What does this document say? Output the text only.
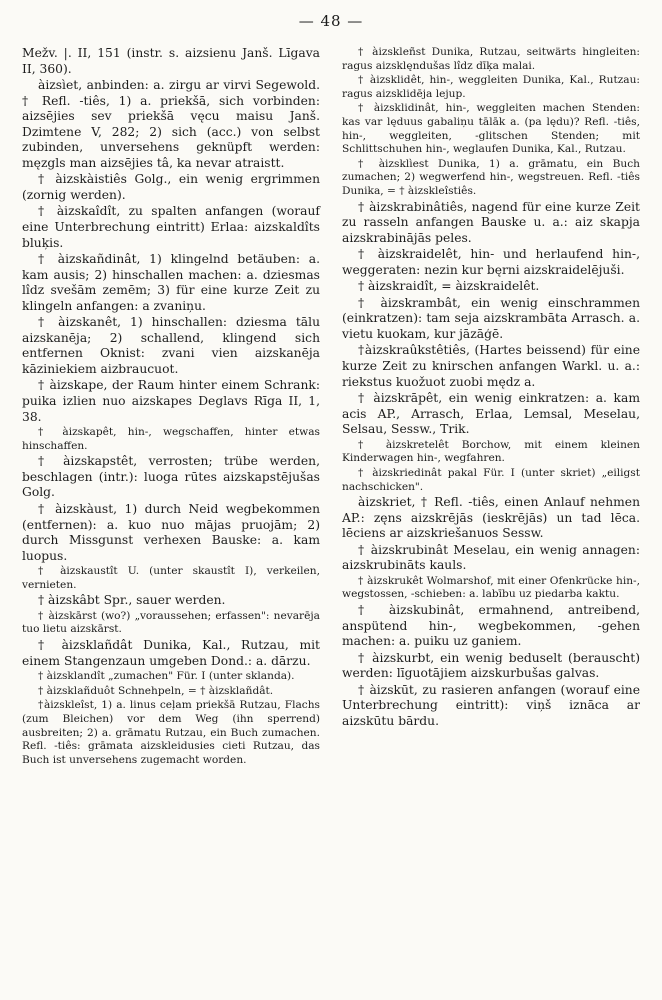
— 48 —

Mežv. |. II, 151 (instr. s. aizsienu Janš. Līgava II, 360).

àizsìet, anbinden: a. zirgu ar virvi Segewold. † Refl. -tiês, 1) a. priekšā, sich vorbinden: aizsējies sev priekšā vęcu maisu Janš. Dzimtene V, 282; 2) sich (acc.) von selbst zubinden, unversehens geknüpft werden: męzgls man aizsējies tâ, ka nevar atraistt.

† àizskàistiês Golg., ein wenig ergrimmen (zornig werden).

† àizskaîdît, zu spalten anfangen (worauf eine Unterbrechung eintritt) Erlaa: aizskaldîts bluķis.

† àizskañdinât, 1) klingelnd betäuben: a. kam ausis; 2) hinschallen machen: a. dziesmas lîdz svešām zemēm; 3) für eine kurze Zeit zu klingeln anfangen: a zvaniņu.

† àizskanêt, 1) hinschallen: dziesma tālu aizskanēja; 2) schallend, klingend sich entfernen Oknist: zvani vien aizskanēja kāziniekiem aizbraucuot.

† àizskape, der Raum hinter einem Schrank: puika izlien nuo aizskapes Deglavs Rīga II, 1, 38.

† àizskapêt, hin-, wegschaffen, hinter etwas hinschaffen.

† àizskapstêt, verrosten; trübe werden, beschlagen (intr.): luoga rūtes aizskapstējušas Golg.

† àizskàust, 1) durch Neid wegbekommen (entfernen): a. kuo nuo mājas pruojām; 2) durch Missgunst verhexen Bauske: a. kam luopus.

† àizskaustît U. (unter skaustît I), verkeilen, vernieten.

† àizskâbt Spr., sauer werden.

† àizskārst (wo?) „voraussehen; erfassen": nevarēja tuo lietu aizskārst.

† àizsklañdât Dunika, Kal., Rutzau, mit einem Stangenzaun umgeben Dond.: a. dārzu.

† àizsklandît „zumachen" Für. I (unter sklanda).

† àizsklañduôt Schnehpeln, = † àizsklañdât.

†àizskleîst, 1) a. linus ceļam priekšā Rutzau, Flachs (zum Bleichen) vor dem Weg (ihn sperrend) ausbreiten; 2) a. grāmatu Rutzau, ein Buch zumachen. Refl. -tiês: grāmata aizskleidusies cieti Rutzau, das Buch ist unversehens zugemacht worden.

† àizskleñst Dunika, Rutzau, seitwärts hingleiten: ragus aizsklęndušas lîdz dīķa malai.

† àizsklidêt, hin-, weggleiten Dunika, Kal., Rutzau: ragus aizsklidēja lejup.

† àizsklidinât, hin-, weggleiten machen Stenden: kas var lęduus gabaliņu tālāk a. (pa lędu)? Refl. -tiês, hin-, weggleiten, -glitschen Stenden; mit Schlittschuhen hin-, weglaufen Dunika, Kal., Rutzau.

† àizsklìest Dunika, 1) a. grāmatu, ein Buch zumachen; 2) wegwerfend hin-, wegstreuen. Refl. -tiês Dunika, = † àizskleîstiês.

† àizskrabinâtiês, nagend für eine kurze Zeit zu rasseln anfangen Bauske u. a.: aiz skapja aizskrabinājās peles.

† àizskraidelêt, hin- und herlaufend hin-, weggeraten: nezin kur bęrni aizskraidelējuši.

† àizskraidît, = àizskraidelêt.

† àizskrambât, ein wenig einschrammen (einkratzen): tam seja aizskrambāta Arrasch. a. vietu kuokam, kur jāzāģē.

†àizskraûkstêtiês, (Hartes beissend) für eine kurze Zeit zu knirschen anfangen Warkl. u. a.: riekstus kuožuot zuobi mędz a.

† àizskrāpêt, ein wenig einkratzen: a. kam acis AP., Arrasch, Erlaa, Lemsal, Meselau, Selsau, Sessw., Trik.

† àizskretelêt Borchow, mit einem kleinen Kinderwagen hin-, wegfahren.

† àizskriedinât pakal Für. I (unter skriet) „eiligst nachschicken".

àizskriet, † Refl. -tiês, einen Anlauf nehmen AP.: zęns aizskrējās (ieskrējās) un tad lēca. lēciens ar aizskriešanuos Sessw.

† àizskrubinât Meselau, ein wenig annagen: aizskrubināts kauls.

† àizskrukêt Wolmarshof, mit einer Ofenkrücke hin-, wegstossen, -schieben: a. labību uz piedarba kaktu.

† àizskubinât, ermahnend, antreibend, anspütend hin-, wegbekommen, -gehen machen: a. puiku uz ganiem.

† àizskurbt, ein wenig beduselt (berauscht) werden: līguotājiem aizskurbušas galvas.

† àizskūt, zu rasieren anfangen (worauf eine Unterbrechung eintritt): viņš iznāca ar aizskūtu bārdu.
